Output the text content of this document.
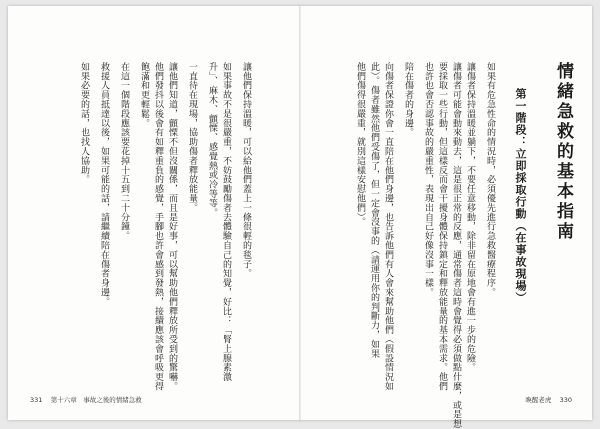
情緒急救的基本指南
第一階段：立即採取行動（在事故現場）
如果有危急性命的情況時，必須優先進行急救醫療程序。
讓傷者保持溫暖並躺下，不要任意移動，除非留在原地會有進一步的危險。
讓傷者可能會動來動去，這是很正常的反應，通常傷者這時會覺得必須做點什麼，或是想
要採取一些行動，但這樣反而會干擾身體保持鎮定和釋放能量的基本需求。他們
也許也會否認事故的嚴重性，表現出自己好像沒事一樣。
陪在傷者的身邊。
向傷者保證你會一直陪在他們身邊，也告訴他們有人會來幫助他們（假設情況如
此）。傷者雖然他們受傷了，但一定會沒事的（請運用你的判斷力，如果
他們傷得很嚴重，就別這樣安慰他們）。
讓他們保持溫暖，可以給他們蓋上一條很輕的毯子。
如果事故不是很嚴重，不妨鼓勵傷者去體驗自己的知覺，好比：「腎上腺素激
升」、麻木、顫慄、感覺熱或冷等等。
一直待在現場，協助傷者釋放能量。
讓他們知道，顫慄不但沒關係，而且是好事，可以幫助他們釋放所受到的驚嚇。
他們發抖以後會有如釋重負的感覺，手腳也許會感到發熱，接續應該會呼吸更得
飽滿和更輕鬆。
在這一個階段應該要花掉十五到二十分鐘。
救援人員抵達以後，如果可能的話，請繼續陪在傷者身邊。
如果必要的話，也找人協助。
331 第十六章　事故之後的情緒急救	喚醒老虎 330
